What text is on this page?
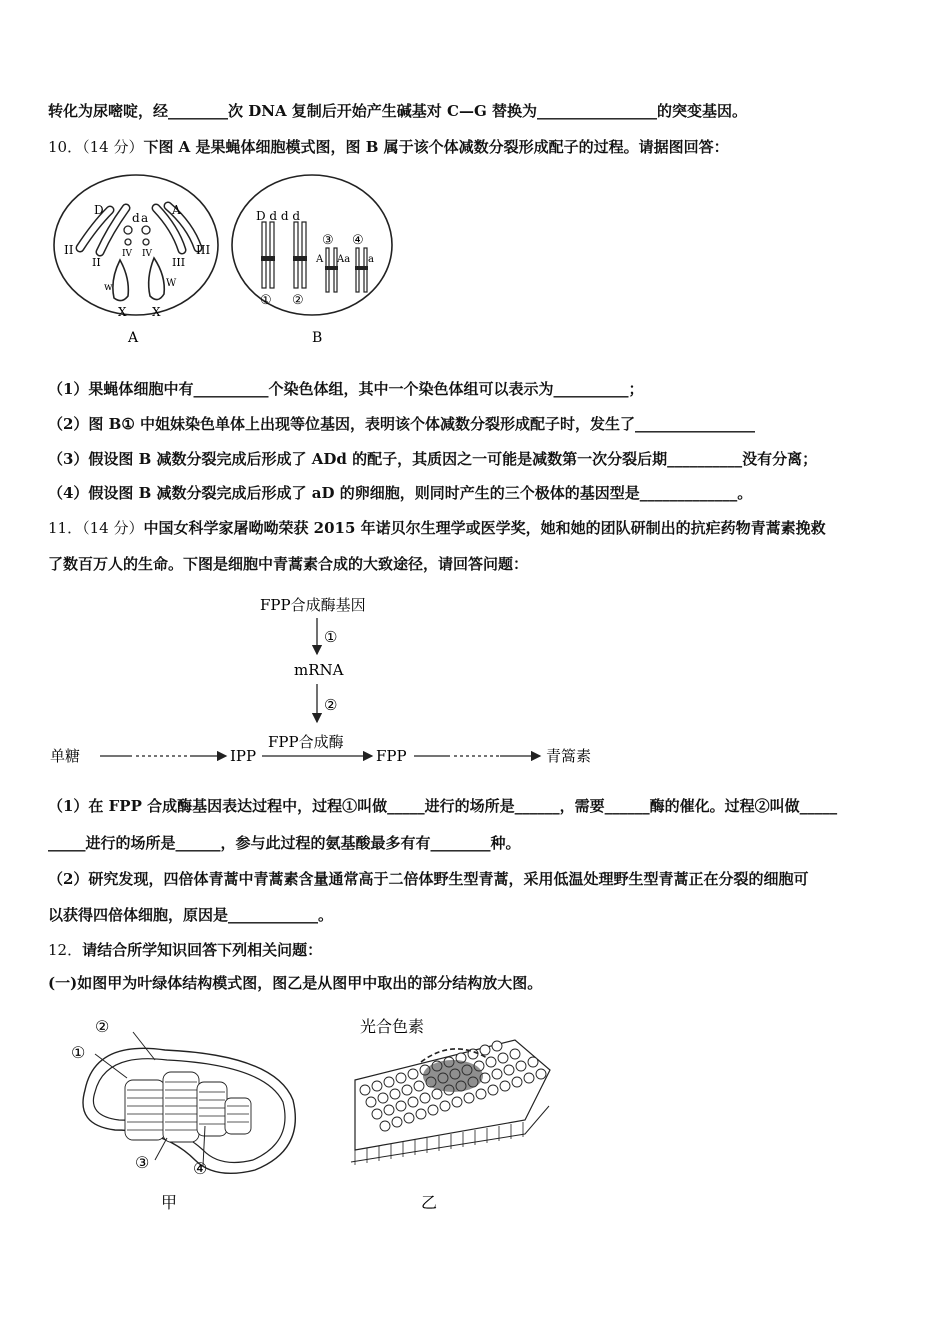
转化为尿嘧啶，经________次 DNA 复制后开始产生碱基对 C—G 替换为________________的突变基因。
10．（14 分）下图 A 是果蝇体细胞模式图，图 B 属于该个体减数分裂形成配子的过程。请据图回答：
D
d a
A
II
II
IV IV
III
III
w	W
X X
A
D d d d
① ②
③ ④
A Aa a
B
（1）果蝇体细胞中有__________个染色体组，其中一个染色体组可以表示为__________；
（2）图 B① 中姐妹染色单体上出现等位基因，表明该个体减数分裂形成配子时，发生了________________
（3）假设图 B 减数分裂完成后形成了 ADd 的配子，其质因之一可能是减数第一次分裂后期__________没有分离；
（4）假设图 B 减数分裂完成后形成了 aD 的卵细胞，则同时产生的三个极体的基因型是_____________。
11．（14 分）中国女科学家屠呦呦荣获 2015 年诺贝尔生理学或医学奖，她和她的团队研制出的抗疟药物青蒿素挽救
了数百万人的生命。下图是细胞中青蒿素合成的大致途径，请回答问题：
FPP合成酶基因
①
mRNA
②
FPP合成酶
单糖	IPP	FPP	青篙素
（1）在 FPP 合成酶基因表达过程中，过程①叫做_____进行的场所是______，需要______酶的催化。过程②叫做_____
_____进行的场所是______，参与此过程的氨基酸最多有有________种。
（2）研究发现，四倍体青蒿中青蒿素含量通常高于二倍体野生型青蒿，采用低温处理野生型青蒿正在分裂的细胞可
以获得四倍体细胞，原因是____________。
12．请结合所学知识回答下列相关问题：
(一)如图甲为叶绿体结构模式图，图乙是从图甲中取出的部分结构放大图。
②
①
③	④
甲
光合色素
乙
